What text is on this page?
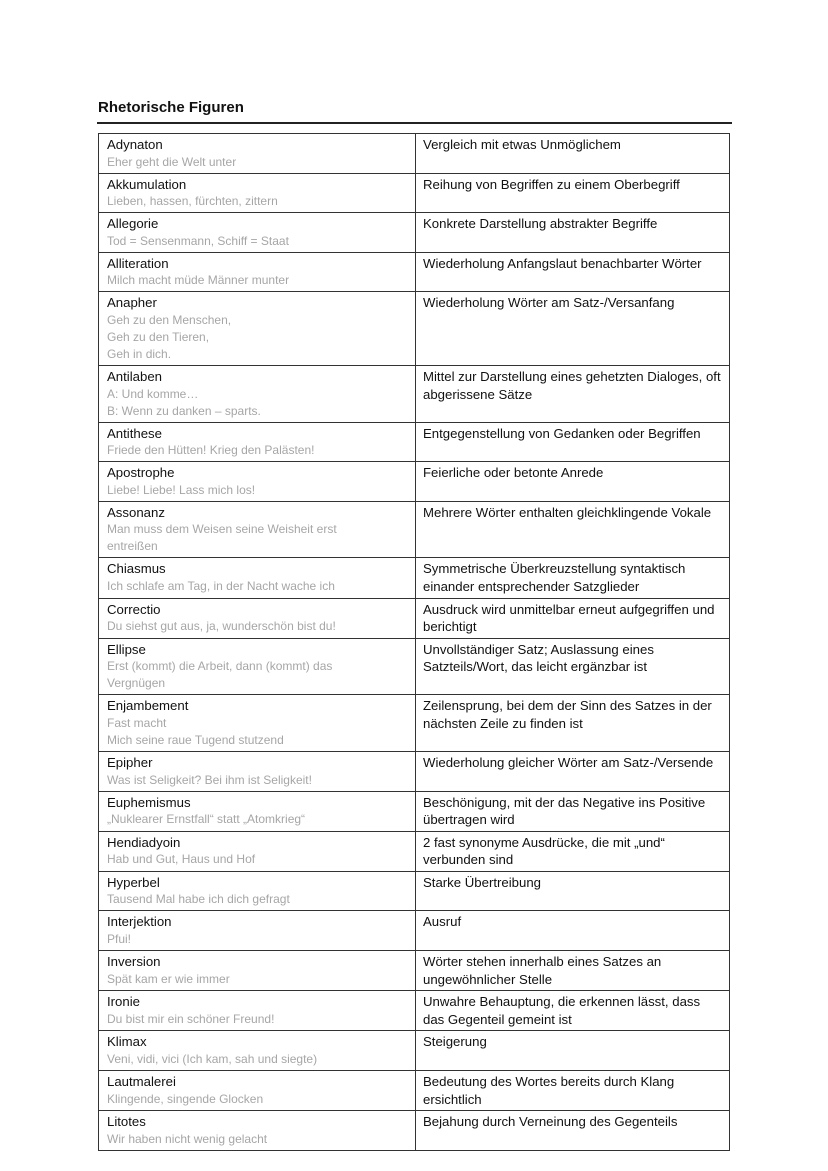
Rhetorische Figuren
Adynaton
Eher geht die Welt unter	Vergleich mit etwas Unmöglichem

Akkumulation
Lieben, hassen, fürchten, zittern	Reihung von Begriffen zu einem Oberbegriff

Allegorie
Tod = Sensenmann, Schiff = Staat	Konkrete Darstellung abstrakter Begriffe

Alliteration
Milch macht müde Männer munter	Wiederholung Anfangslaut benachbarter Wörter

Anapher
Geh zu den Menschen,
Geh zu den Tieren,
Geh in dich.	Wiederholung Wörter am Satz-/Versanfang

Antilaben
A: Und komme…
B: Wenn zu danken – sparts.	Mittel zur Darstellung eines gehetzten Dialoges, oft abgerissene Sätze

Antithese
Friede den Hütten! Krieg den Palästen!	Entgegenstellung von Gedanken oder Begriffen

Apostrophe
Liebe! Liebe! Lass mich los!	Feierliche oder betonte Anrede

Assonanz
Man muss dem Weisen seine Weisheit erst
entreißen	Mehrere Wörter enthalten gleichklingende Vokale

Chiasmus
Ich schlafe am Tag, in der Nacht wache ich	Symmetrische Überkreuzstellung syntaktisch einander entsprechender Satzglieder

Correctio
Du siehst gut aus, ja, wunderschön bist du!	Ausdruck wird unmittelbar erneut aufgegriffen und berichtigt

Ellipse
Erst (kommt) die Arbeit, dann (kommt) das
Vergnügen	Unvollständiger Satz; Auslassung eines Satzteils/Wort, das leicht ergänzbar ist

Enjambement
Fast macht
Mich seine raue Tugend stutzend	Zeilensprung, bei dem der Sinn des Satzes in der nächsten Zeile zu finden ist

Epipher
Was ist Seligkeit? Bei ihm ist Seligkeit!	Wiederholung gleicher Wörter am Satz-/Versende

Euphemismus
„Nuklearer Ernstfall“ statt „Atomkrieg“	Beschönigung, mit der das Negative ins Positive übertragen wird

Hendiadyoin
Hab und Gut, Haus und Hof	2 fast synonyme Ausdrücke, die mit „und“ verbunden sind

Hyperbel
Tausend Mal habe ich dich gefragt	Starke Übertreibung

Interjektion
Pfui!	Ausruf

Inversion
Spät kam er wie immer	Wörter stehen innerhalb eines Satzes an ungewöhnlicher Stelle

Ironie
Du bist mir ein schöner Freund!	Unwahre Behauptung, die erkennen lässt, dass das Gegenteil gemeint ist

Klimax
Veni, vidi, vici (Ich kam, sah und siegte)	Steigerung

Lautmalerei
Klingende, singende Glocken	Bedeutung des Wortes bereits durch Klang ersichtlich

Litotes
Wir haben nicht wenig gelacht	Bejahung durch Verneinung des Gegenteils
